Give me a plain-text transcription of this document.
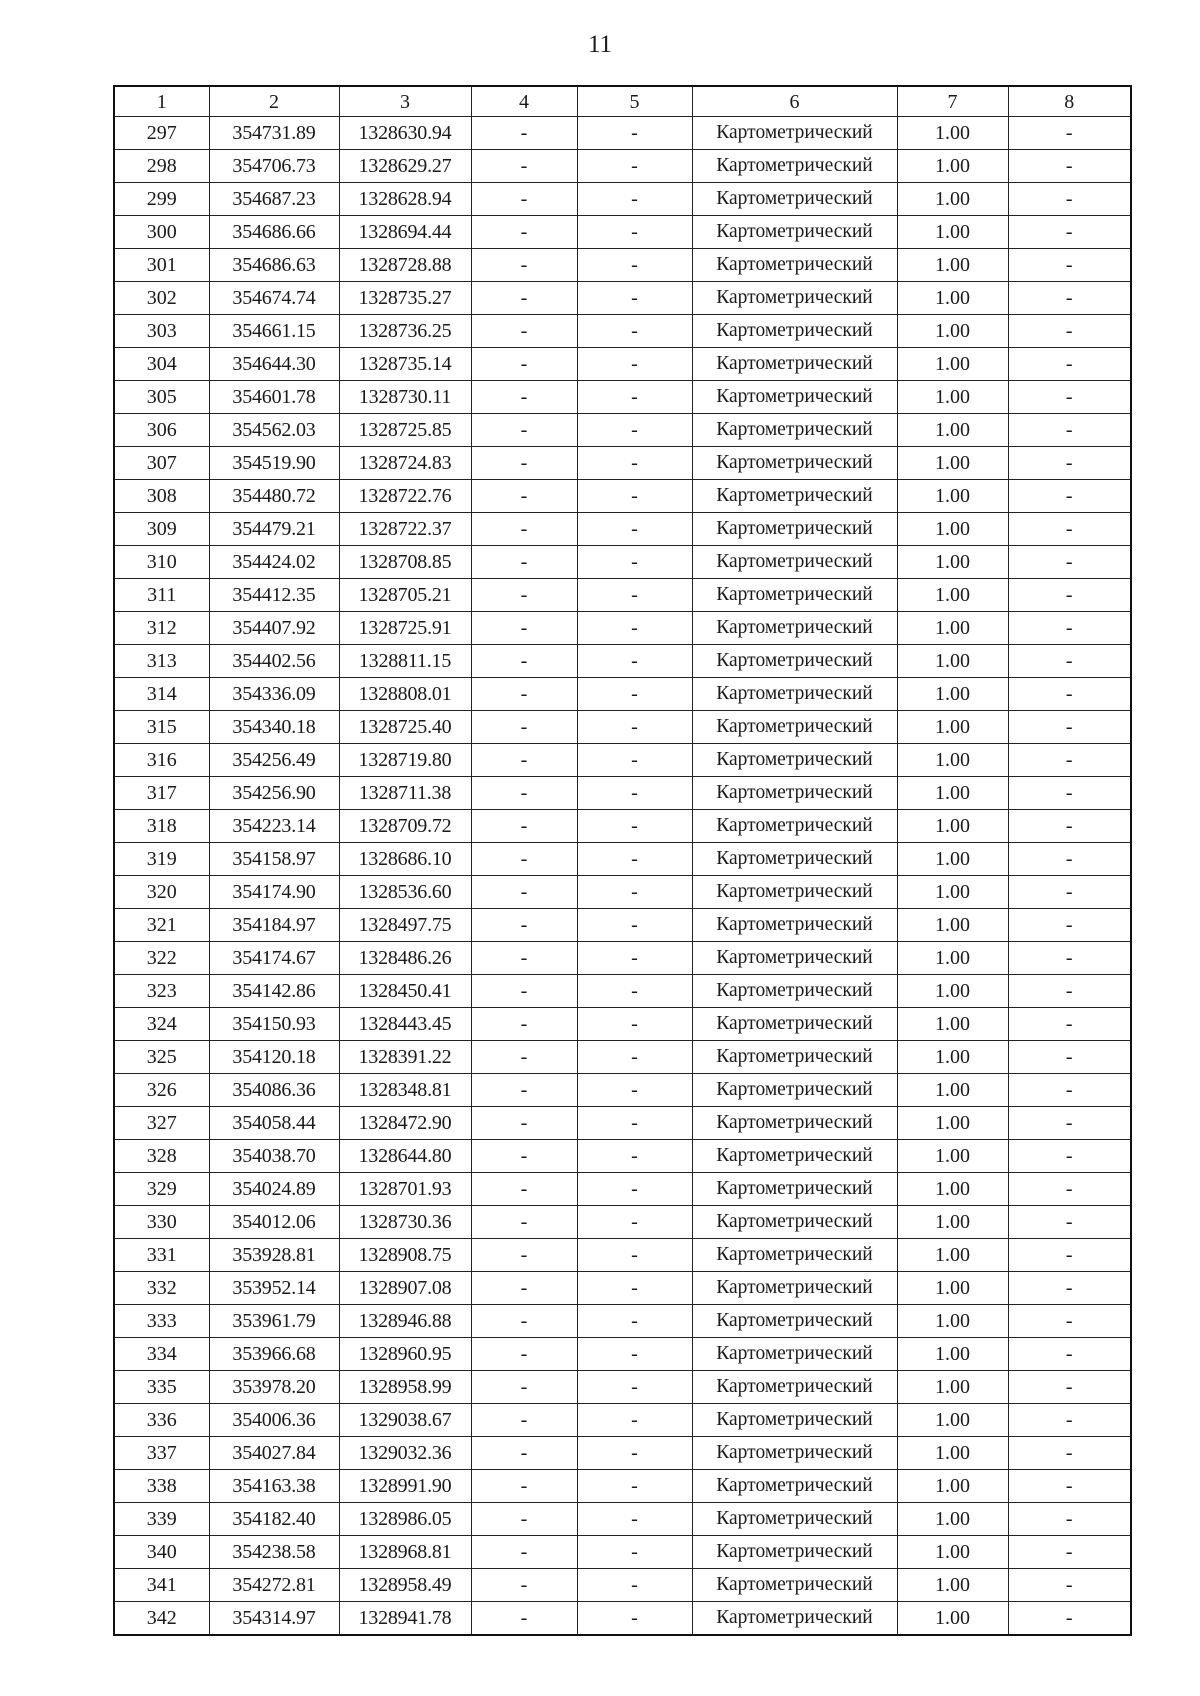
11
1	2	3	4	5	6	7	8
297	354731.89	1328630.94	-	-	Картометрический	1.00	-
298	354706.73	1328629.27	-	-	Картометрический	1.00	-
299	354687.23	1328628.94	-	-	Картометрический	1.00	-
300	354686.66	1328694.44	-	-	Картометрический	1.00	-
301	354686.63	1328728.88	-	-	Картометрический	1.00	-
302	354674.74	1328735.27	-	-	Картометрический	1.00	-
303	354661.15	1328736.25	-	-	Картометрический	1.00	-
304	354644.30	1328735.14	-	-	Картометрический	1.00	-
305	354601.78	1328730.11	-	-	Картометрический	1.00	-
306	354562.03	1328725.85	-	-	Картометрический	1.00	-
307	354519.90	1328724.83	-	-	Картометрический	1.00	-
308	354480.72	1328722.76	-	-	Картометрический	1.00	-
309	354479.21	1328722.37	-	-	Картометрический	1.00	-
310	354424.02	1328708.85	-	-	Картометрический	1.00	-
311	354412.35	1328705.21	-	-	Картометрический	1.00	-
312	354407.92	1328725.91	-	-	Картометрический	1.00	-
313	354402.56	1328811.15	-	-	Картометрический	1.00	-
314	354336.09	1328808.01	-	-	Картометрический	1.00	-
315	354340.18	1328725.40	-	-	Картометрический	1.00	-
316	354256.49	1328719.80	-	-	Картометрический	1.00	-
317	354256.90	1328711.38	-	-	Картометрический	1.00	-
318	354223.14	1328709.72	-	-	Картометрический	1.00	-
319	354158.97	1328686.10	-	-	Картометрический	1.00	-
320	354174.90	1328536.60	-	-	Картометрический	1.00	-
321	354184.97	1328497.75	-	-	Картометрический	1.00	-
322	354174.67	1328486.26	-	-	Картометрический	1.00	-
323	354142.86	1328450.41	-	-	Картометрический	1.00	-
324	354150.93	1328443.45	-	-	Картометрический	1.00	-
325	354120.18	1328391.22	-	-	Картометрический	1.00	-
326	354086.36	1328348.81	-	-	Картометрический	1.00	-
327	354058.44	1328472.90	-	-	Картометрический	1.00	-
328	354038.70	1328644.80	-	-	Картометрический	1.00	-
329	354024.89	1328701.93	-	-	Картометрический	1.00	-
330	354012.06	1328730.36	-	-	Картометрический	1.00	-
331	353928.81	1328908.75	-	-	Картометрический	1.00	-
332	353952.14	1328907.08	-	-	Картометрический	1.00	-
333	353961.79	1328946.88	-	-	Картометрический	1.00	-
334	353966.68	1328960.95	-	-	Картометрический	1.00	-
335	353978.20	1328958.99	-	-	Картометрический	1.00	-
336	354006.36	1329038.67	-	-	Картометрический	1.00	-
337	354027.84	1329032.36	-	-	Картометрический	1.00	-
338	354163.38	1328991.90	-	-	Картометрический	1.00	-
339	354182.40	1328986.05	-	-	Картометрический	1.00	-
340	354238.58	1328968.81	-	-	Картометрический	1.00	-
341	354272.81	1328958.49	-	-	Картометрический	1.00	-
342	354314.97	1328941.78	-	-	Картометрический	1.00	-
